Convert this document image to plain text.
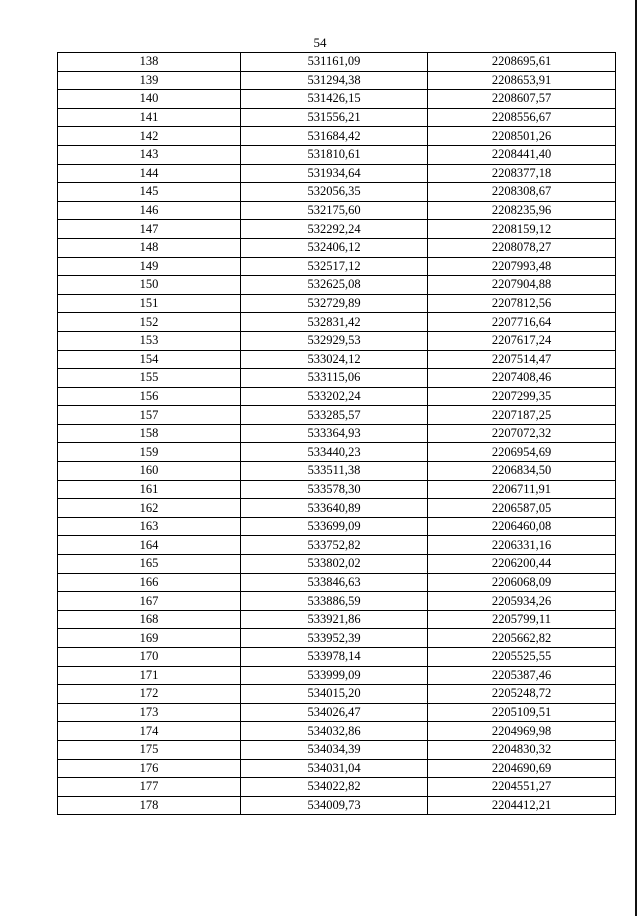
54
138	531161,09	2208695,61
139	531294,38	2208653,91
140	531426,15	2208607,57
141	531556,21	2208556,67
142	531684,42	2208501,26
143	531810,61	2208441,40
144	531934,64	2208377,18
145	532056,35	2208308,67
146	532175,60	2208235,96
147	532292,24	2208159,12
148	532406,12	2208078,27
149	532517,12	2207993,48
150	532625,08	2207904,88
151	532729,89	2207812,56
152	532831,42	2207716,64
153	532929,53	2207617,24
154	533024,12	2207514,47
155	533115,06	2207408,46
156	533202,24	2207299,35
157	533285,57	2207187,25
158	533364,93	2207072,32
159	533440,23	2206954,69
160	533511,38	2206834,50
161	533578,30	2206711,91
162	533640,89	2206587,05
163	533699,09	2206460,08
164	533752,82	2206331,16
165	533802,02	2206200,44
166	533846,63	2206068,09
167	533886,59	2205934,26
168	533921,86	2205799,11
169	533952,39	2205662,82
170	533978,14	2205525,55
171	533999,09	2205387,46
172	534015,20	2205248,72
173	534026,47	2205109,51
174	534032,86	2204969,98
175	534034,39	2204830,32
176	534031,04	2204690,69
177	534022,82	2204551,27
178	534009,73	2204412,21
